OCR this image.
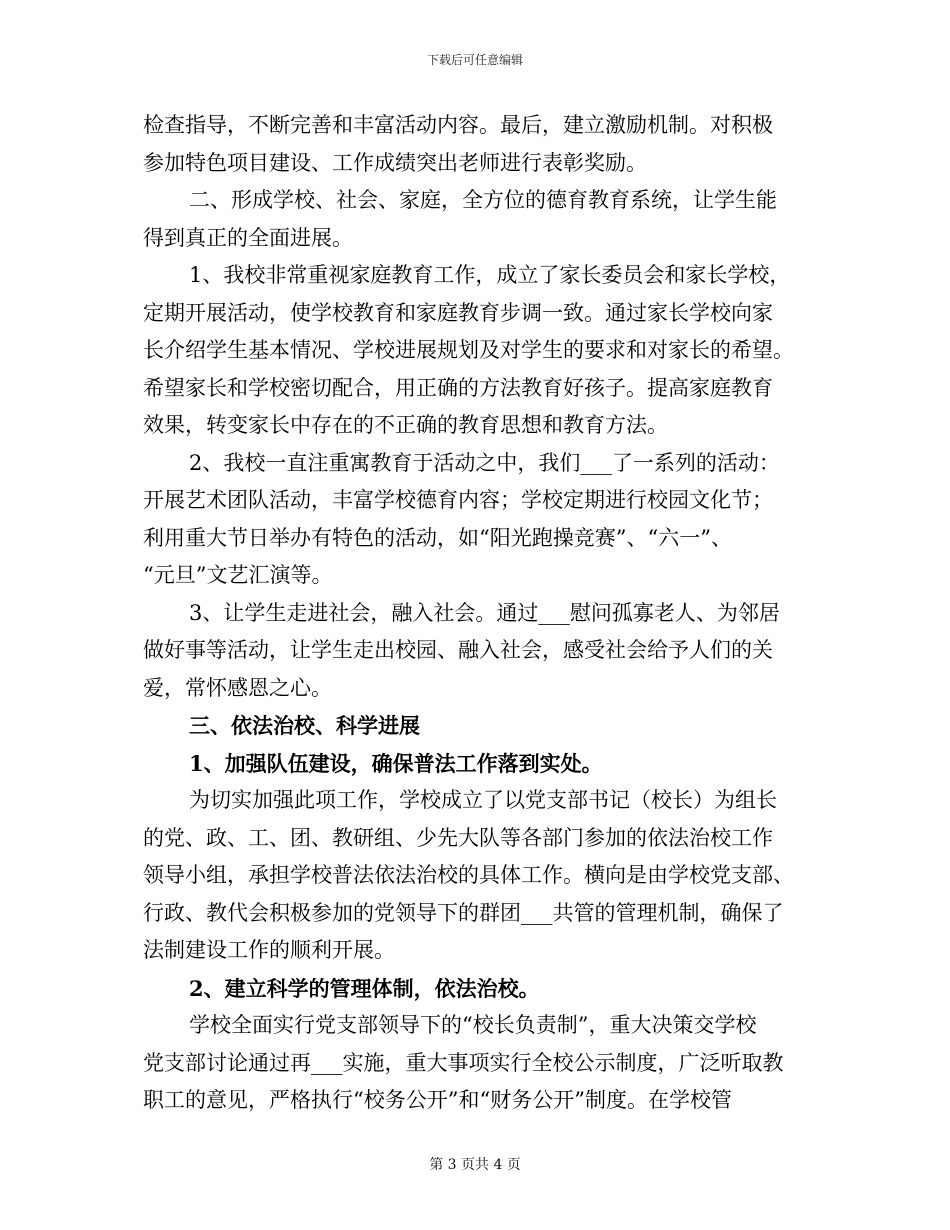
下载后可任意编辑
检查指导，不断完善和丰富活动内容。最后，建立激励机制。对积极
参加特色项目建设、工作成绩突出老师进行表彰奖励。
二、形成学校、社会、家庭，全方位的德育教育系统，让学生能
得到真正的全面进展。
1、我校非常重视家庭教育工作，成立了家长委员会和家长学校，
定期开展活动，使学校教育和家庭教育步调一致。通过家长学校向家
长介绍学生基本情况、学校进展规划及对学生的要求和对家长的希望。
希望家长和学校密切配合，用正确的方法教育好孩子。提高家庭教育
效果，转变家长中存在的不正确的教育思想和教育方法。
2、我校一直注重寓教育于活动之中，我们___了一系列的活动：
开展艺术团队活动，丰富学校德育内容；学校定期进行校园文化节；
利用重大节日举办有特色的活动，如“阳光跑操竞赛”、“六一”、
“元旦”文艺汇演等。
3、让学生走进社会，融入社会。通过___慰问孤寡老人、为邻居
做好事等活动，让学生走出校园、融入社会，感受社会给予人们的关
爱，常怀感恩之心。
三、依法治校、科学进展
1、加强队伍建设，确保普法工作落到实处。
为切实加强此项工作，学校成立了以党支部书记（校长）为组长
的党、政、工、团、教研组、少先大队等各部门参加的依法治校工作
领导小组，承担学校普法依法治校的具体工作。横向是由学校党支部、
行政、教代会积极参加的党领导下的群团___共管的管理机制，确保了
法制建设工作的顺利开展。
2、建立科学的管理体制，依法治校。
学校全面实行党支部领导下的“校长负责制”，重大决策交学校
党支部讨论通过再___实施，重大事项实行全校公示制度，广泛听取教
职工的意见，严格执行“校务公开”和“财务公开”制度。在学校管
第 3 页共 4 页
